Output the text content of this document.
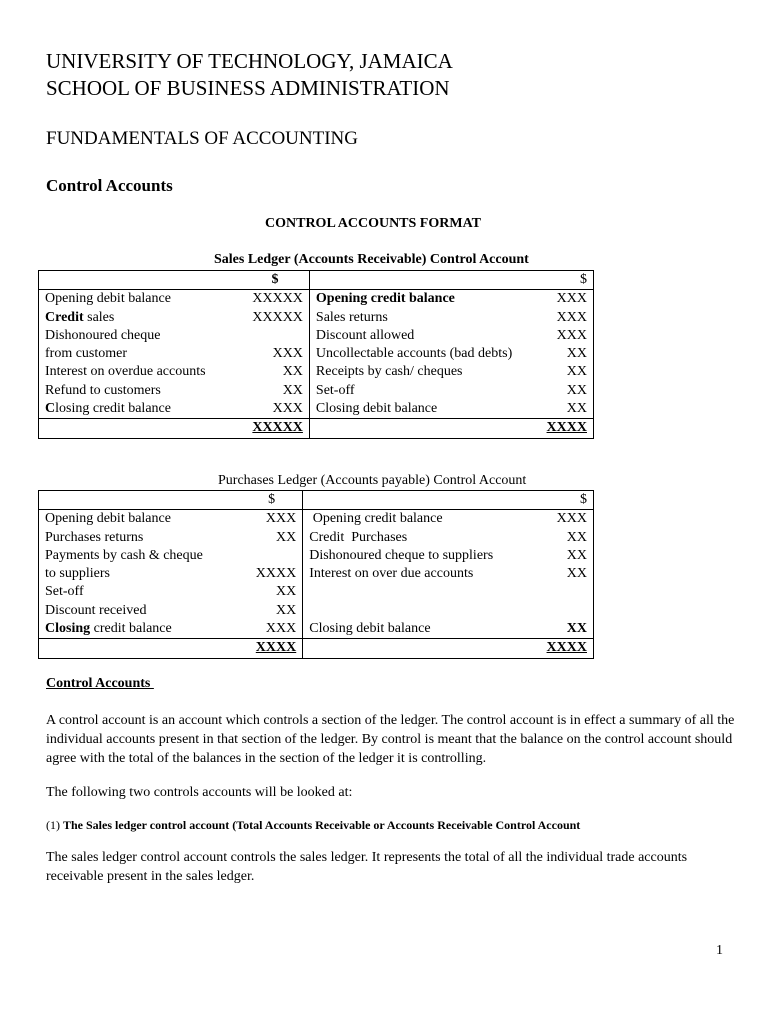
UNIVERSITY OF TECHNOLOGY, JAMAICA
SCHOOL OF BUSINESS ADMINISTRATION
FUNDAMENTALS OF ACCOUNTING
Control Accounts
CONTROL ACCOUNTS FORMAT
Sales Ledger (Accounts Receivable) Control Account
	$		$
Opening debit balance	XXXXX	Opening credit balance	XXX
Credit sales	XXXXX	Sales returns	XXX
Dishonoured cheque		Discount allowed	XXX
from customer	XXX	Uncollectable accounts (bad debts)	XX
Interest on overdue accounts	XX	Receipts by cash/ cheques	XX
Refund to customers	XX	Set-off	XX
Closing credit balance	XXX	Closing debit balance	XX
	XXXXX		XXXX
Purchases Ledger (Accounts payable) Control Account
	$		$
Opening debit balance	XXX	Opening credit balance	XXX
Purchases returns	XX	Credit  Purchases	XX
Payments by cash & cheque		Dishonoured cheque to suppliers	XX
to suppliers	XXXX	Interest on over due accounts	XX
Set-off	XX		
Discount received	XX		
Closing credit balance	XXX	Closing debit balance	XX
	XXXX		XXXX
Control Accounts

A control account is an account which controls a section of the ledger. The control account is in effect a summary of all the individual accounts present in that section of the ledger. By control is meant that the balance on the control account should agree with the total of the balances in the section of the ledger it is controlling.

The following two controls accounts will be looked at:

(1) The Sales ledger control account (Total Accounts Receivable or Accounts Receivable Control Account

The sales ledger control account controls the sales ledger. It represents the total of all the individual trade accounts receivable present in the sales ledger.

1
